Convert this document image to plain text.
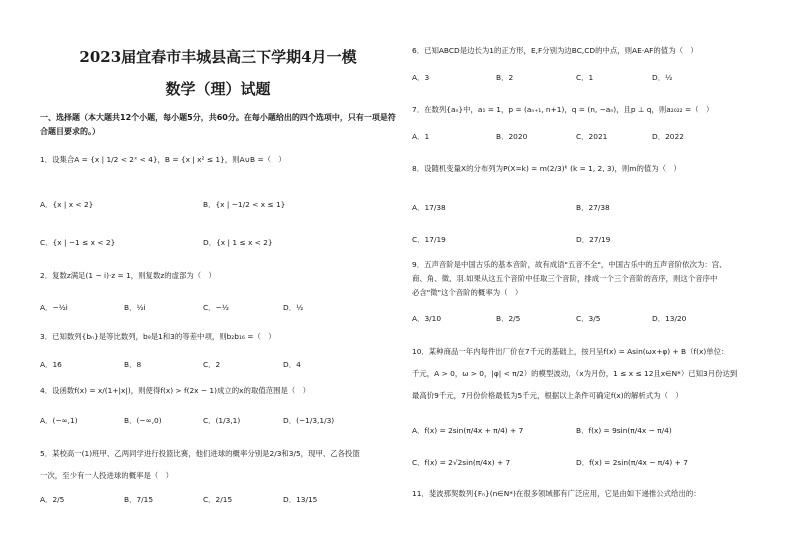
2023届宜春市丰城县高三下学期4月一模
数学（理）试题
一、选择题（本大题共12个小题，每小题5分，共60分。在每小题给出的四个选项中，只有一项是符合题目要求的。）
1．设集合A = {x | 1/2 < 2ˣ < 4}，B = {x | x² ≤ 1}，则A∪B =（　）
A．{x | x < 2}	B．{x | −1/2 < x ≤ 1}
C．{x | −1 ≤ x < 2}	D．{x | 1 ≤ x < 2}
2．复数z满足(1 − i)·z = 1，则复数z的虚部为（　）
A．−½i	B．½i	C．−½	D．½
3．已知数列{bₙ}是等比数列，b₉是1和3的等差中项，则b₂b₁₆ =（　）
A．16	B．8	C．2	D．4
4．设函数f(x) = x/(1+|x|)，则使得f(x) > f(2x − 1)成立的x的取值范围是（　）
A．(−∞,1)	B．(−∞,0)	C．(1/3,1)	D．(−1/3,1/3)
5．某校高一(1)班甲、乙两同学进行投篮比赛，他们进球的概率分别是2/3和3/5，现甲、乙各投篮
一次，至少有一人投进球的概率是（　）
A．2/5	B．7/15	C．2/15	D．13/15
6．已知ABCD是边长为1的正方形，E,F分别为边BC,CD的中点，则AE·AF的值为（　）
A．3	B．2	C．1	D．½
7．在数列{aₙ}中，a₁ = 1，p = (aₙ₊₁, n+1)，q = (n, −aₙ)，且p ⊥ q，则a₂₀₂₂ =（　）
A．1	B．2020	C．2021	D．2022
8．设随机变量X的分布列为P(X=k) = m(2/3)ᵏ (k = 1, 2, 3)，则m的值为（　）
A．17/38	B．27/38
C．17/19	D．27/19
9．五声音阶是中国古乐的基本音阶，故有成语"五音不全"，中国古乐中的五声音阶依次为：宫、
商、角、徵、羽.如果从这五个音阶中任取三个音阶，排成一个三个音阶的音序，则这个音序中
必含"徵"这个音阶的概率为（　）
A．3/10	B．2/5	C．3/5	D．13/20
10．某种商品一年内每件出厂价在7千元的基础上，按月呈f(x) = Asin(ωx+φ) + B（f(x)单位：
千元，A > 0，ω > 0，|φ| < π/2）的模型波动，（x为月份，1 ≤ x ≤ 12且x∈N*）已知3月份达到
最高价9千元，7月份价格最低为5千元，根据以上条件可确定f(x)的解析式为（　）
A．f(x) = 2sin(π/4x + π/4) + 7	B．f(x) = 9sin(π/4x − π/4)
C．f(x) = 2√2sin(π/4x) + 7	D．f(x) = 2sin(π/4x − π/4) + 7
11．斐波那契数列{Fₙ}(n∈N*)在很多领域都有广泛应用，它是由如下递推公式给出的：
